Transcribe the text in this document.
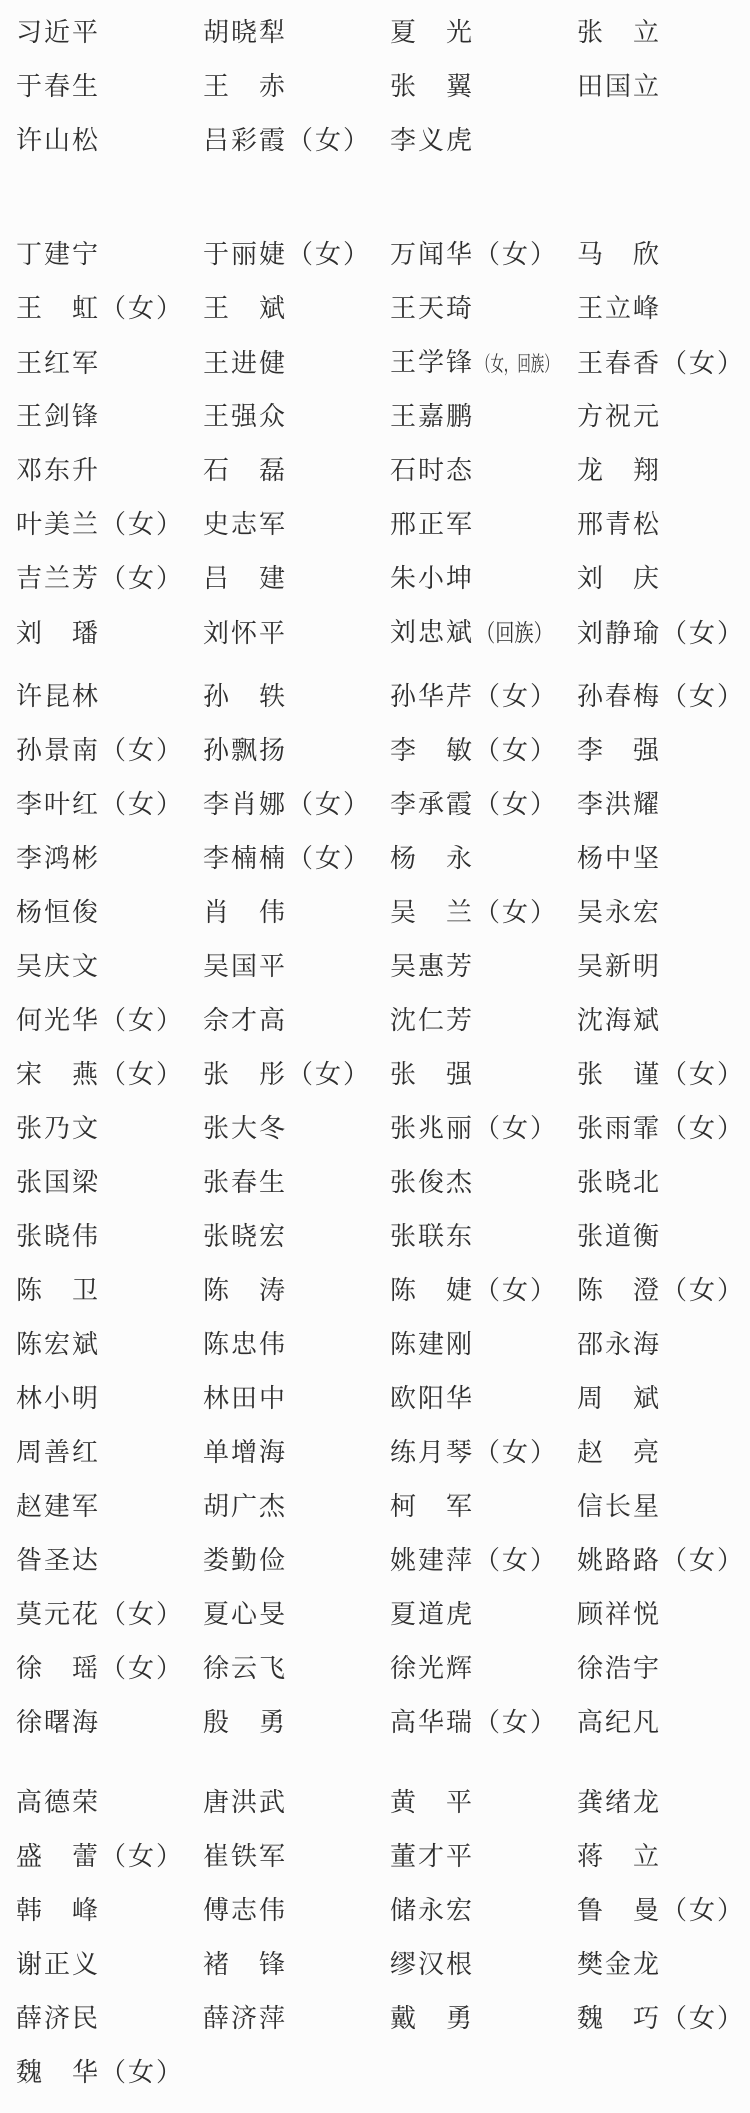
习近平	胡晓犁	夏　光	张　立
于春生	王　赤	张　翼	田国立
许山松	吕彩霞（女） 李义虎
丁建宁	于丽婕（女） 万闻华（女） 马　欣
王　虹（女） 王　斌	王天琦	王立峰
王红军	王进健	王学锋 （女，回族） 王春香（女）
王剑锋	王强众	王嘉鹏	方祝元
邓东升	石　磊	石时态	龙　翔
叶美兰（女） 史志军	邢正军	邢青松
吉兰芳（女） 吕　建	朱小坤	刘　庆
刘　璠	刘怀平	刘忠斌（回族） 刘静瑜（女）
许昆林	孙　轶	孙华芹（女） 孙春梅（女）
孙景南（女） 孙飘扬	李　敏（女） 李　强
李叶红（女） 李肖娜（女） 李承霞（女） 李洪耀
李鸿彬	李楠楠（女） 杨　永	杨中坚
杨恒俊	肖　伟	吴　兰（女） 吴永宏
吴庆文	吴国平	吴惠芳	吴新明
何光华（女） 佘才高	沈仁芳	沈海斌
宋　燕（女） 张　彤（女） 张　强	张　谨（女）
张乃文	张大冬	张兆丽（女） 张雨霏（女）
张国梁	张春生	张俊杰	张晓北
张晓伟	张晓宏	张联东	张道衡
陈　卫	陈　涛	陈　婕（女） 陈　澄（女）
陈宏斌	陈忠伟	陈建刚	邵永海
林小明	林田中	欧阳华	周　斌
周善红	单增海	练月琴（女） 赵　亮
赵建军	胡广杰	柯　军	信长星
昝圣达	娄勤俭	姚建萍（女） 姚路路（女）
莫元花（女） 夏心旻	夏道虎	顾祥悦
徐　瑶（女） 徐云飞	徐光辉	徐浩宇
徐曙海	殷　勇	高华瑞（女） 高纪凡
高德荣	唐洪武	黄　平	龚绪龙
盛　蕾（女） 崔铁军	董才平	蒋　立
韩　峰	傅志伟	储永宏	鲁　曼（女）
谢正义	褚　锋	缪汉根	樊金龙
薛济民	薛济萍	戴　勇	魏　巧（女）
魏　华（女）
